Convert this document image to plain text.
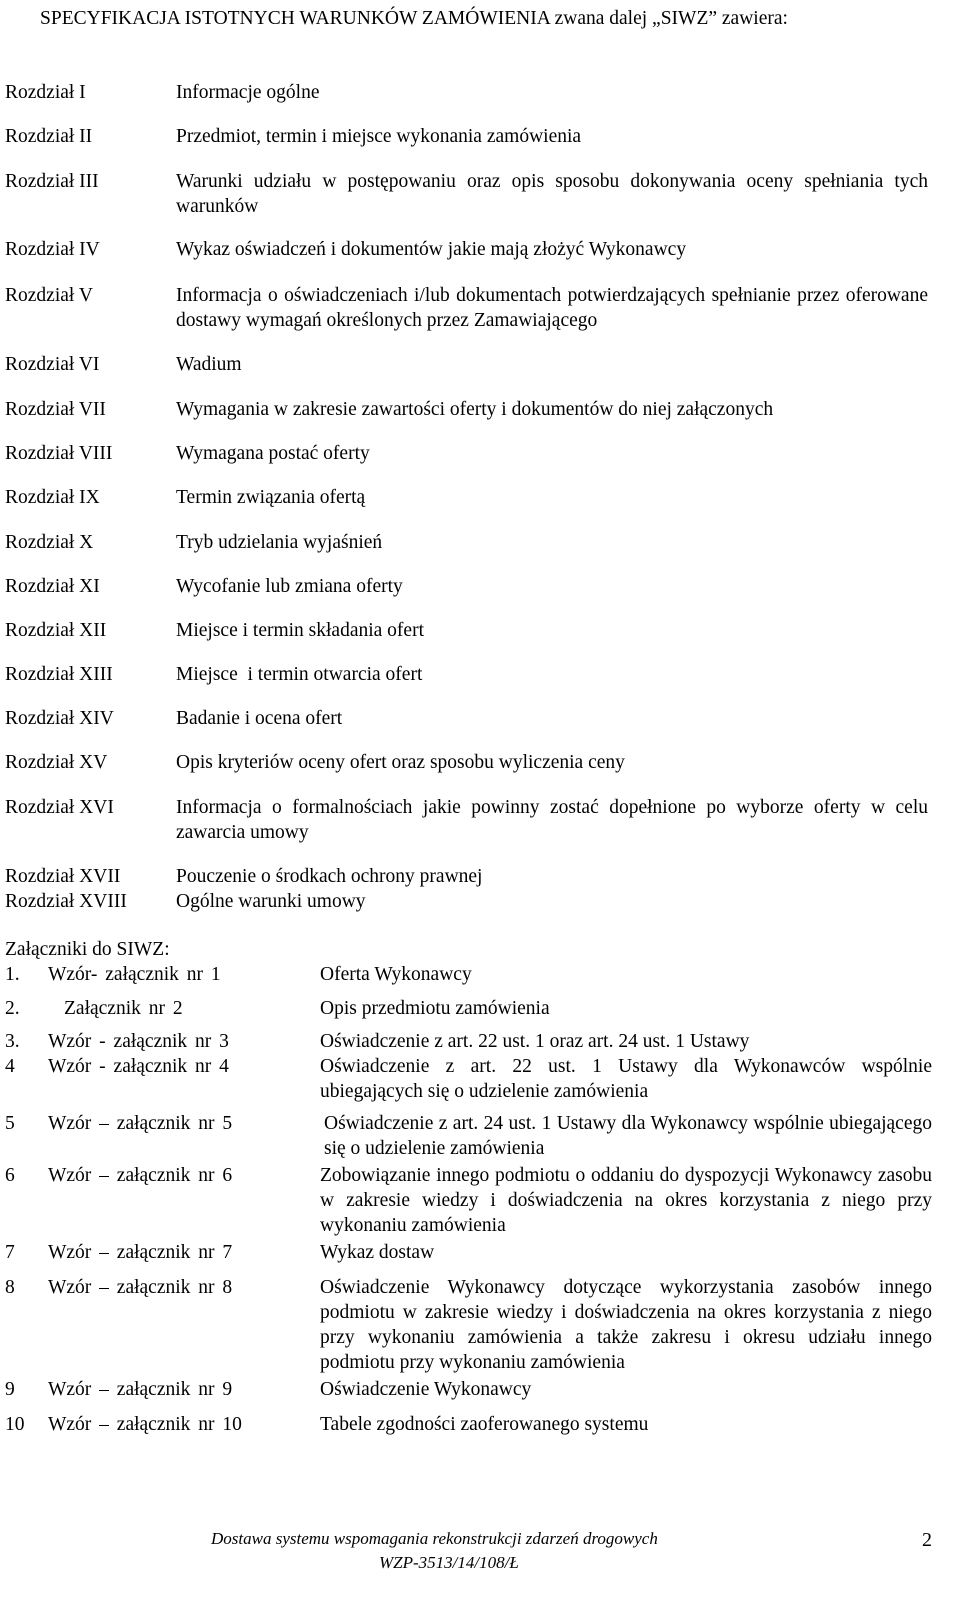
SPECYFIKACJA ISTOTNYCH WARUNKÓW ZAMÓWIENIA zwana dalej „SIWZ” zawiera:
Rozdział I	Informacje ogólne
Rozdział II	Przedmiot, termin i miejsce wykonania zamówienia
Rozdział III	Warunki udziału w postępowaniu oraz opis sposobu dokonywania oceny spełniania tych warunków
Rozdział IV	Wykaz oświadczeń i dokumentów jakie mają złożyć Wykonawcy
Rozdział V	Informacja o oświadczeniach i/lub dokumentach potwierdzających spełnianie przez oferowane dostawy wymagań określonych przez Zamawiającego
Rozdział VI	Wadium
Rozdział VII	Wymagania w zakresie zawartości oferty i dokumentów do niej załączonych
Rozdział VIII	Wymagana postać oferty
Rozdział IX	Termin związania ofertą
Rozdział X	Tryb udzielania wyjaśnień
Rozdział XI	Wycofanie lub zmiana oferty
Rozdział XII	Miejsce i termin składania ofert
Rozdział XIII	Miejsce  i termin otwarcia ofert
Rozdział XIV	Badanie i ocena ofert
Rozdział XV	Opis kryteriów oceny ofert oraz sposobu wyliczenia ceny
Rozdział XVI	Informacja o formalnościach jakie powinny zostać dopełnione po wyborze oferty w celu zawarcia umowy
Rozdział XVII	Pouczenie o środkach ochrony prawnej
Rozdział XVIII	Ogólne warunki umowy
Załączniki do SIWZ:
1. Wzór- załącznik nr 1	Oferta Wykonawcy
2. Załącznik nr 2	Opis przedmiotu zamówienia
3. Wzór - załącznik nr 3	Oświadczenie z art. 22 ust. 1 oraz art. 24 ust. 1 Ustawy
4 Wzór - załącznik nr 4	Oświadczenie z art. 22 ust. 1 Ustawy dla Wykonawców wspólnie ubiegających się o udzielenie zamówienia
5 Wzór – załącznik nr 5	Oświadczenie z art. 24 ust. 1 Ustawy dla Wykonawcy wspólnie ubiegającego się o udzielenie zamówienia
6 Wzór – załącznik nr 6	Zobowiązanie innego podmiotu o oddaniu do dyspozycji Wykonawcy zasobu w zakresie wiedzy i doświadczenia na okres korzystania z niego przy wykonaniu zamówienia
7 Wzór – załącznik nr 7	Wykaz dostaw
8 Wzór – załącznik nr 8	Oświadczenie Wykonawcy dotyczące wykorzystania zasobów innego podmiotu w zakresie wiedzy i doświadczenia na okres korzystania z niego przy wykonaniu zamówienia a także zakresu i okresu udziału innego podmiotu przy wykonaniu zamówienia
9 Wzór – załącznik nr 9	Oświadczenie Wykonawcy
10 Wzór – załącznik nr 10	Tabele zgodności zaoferowanego systemu
Dostawa systemu wspomagania rekonstrukcji zdarzeń drogowych
WZP-3513/14/108/Ł
2
